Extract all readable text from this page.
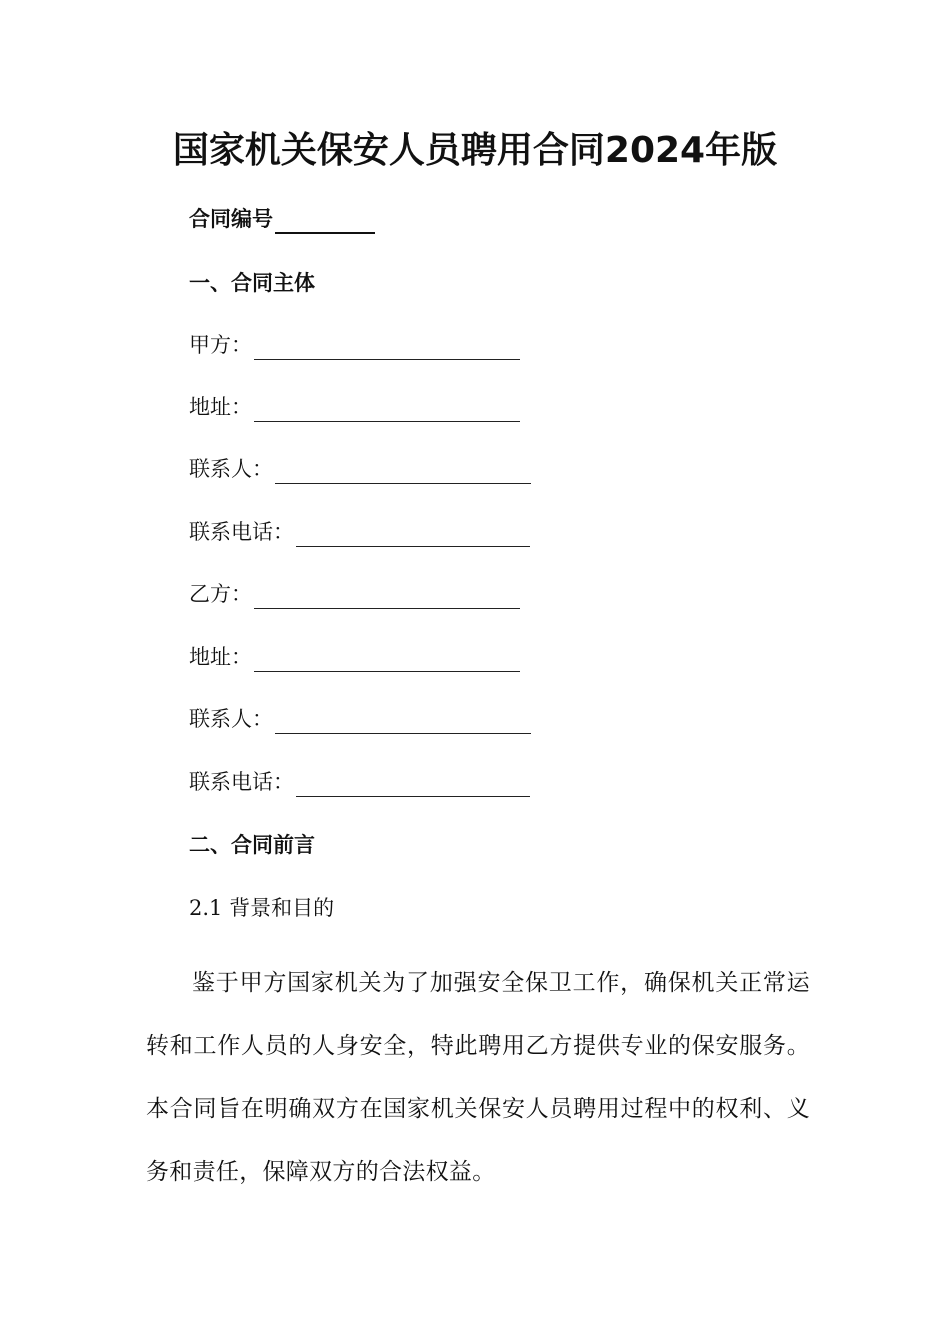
国家机关保安人员聘用合同2024年版
合同编号
一、合同主体
甲方：
地址：
联系人：
联系电话：
乙方：
地址：
联系人：
联系电话：
二、合同前言
2.1 背景和目的
鉴于甲方国家机关为了加强安全保卫工作，确保机关正常运转和工作人员的人身安全，特此聘用乙方提供专业的保安服务。本合同旨在明确双方在国家机关保安人员聘用过程中的权利、义务和责任，保障双方的合法权益。
